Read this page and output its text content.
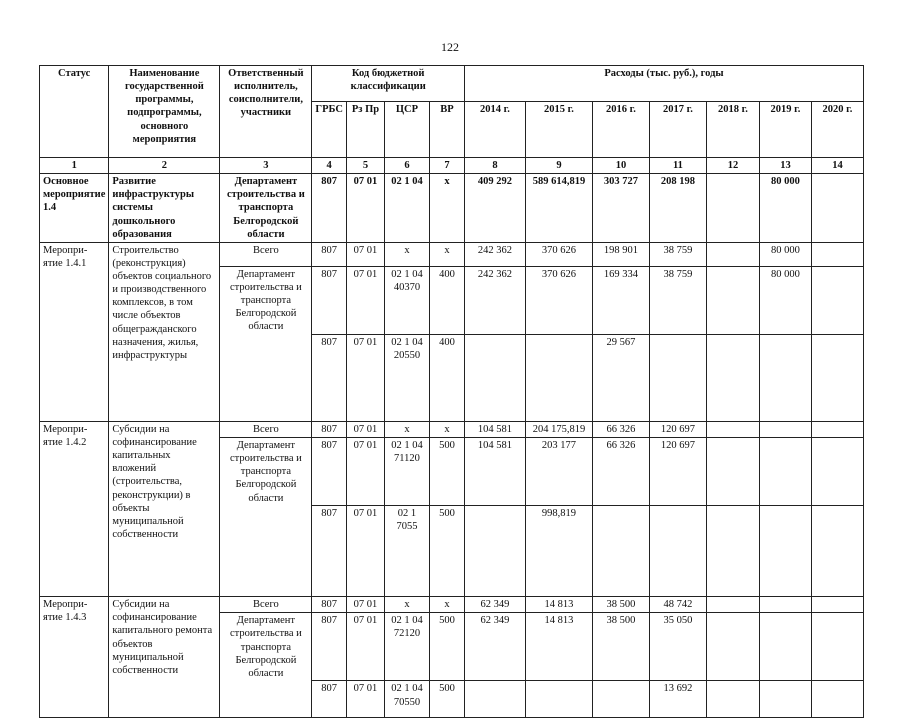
122
Статус	Наименование государственной программы, подпрограммы, основного мероприятия	Ответственный исполнитель, соисполнители, участники	Код бюджетной классификации				Расходы (тыс. руб.), годы						
			ГРБС	Рз Пр	ЦСР	ВР	2014 г.	2015 г.	2016 г.	2017 г.	2018 г.	2019 г.	2020 г.
1	2	3	4	5	6	7	8	9	10	11	12	13	14
Основное мероприятие 1.4	Развитие инфраструктуры системы дошкольного образования	Департамент строительства и транспорта Белгородской области	807	07 01	02 1 04	х	409 292	589 614,819	303 727	208 198		80 000	
Меропри-ятие 1.4.1	Строительство (реконструкция) объектов социального и производственного комплексов, в том числе объектов общегражданского назначения, жилья, инфраструктуры	Всего	807	07 01	х	х	242 362	370 626	198 901	38 759		80 000	
		Департамент строительства и транспорта Белгородской области	807	07 01	02 1 04 40370	400	242 362	370 626	169 334	38 759		80 000	
			807	07 01	02 1 04 20550	400			29 567				
Меропри-ятие 1.4.2	Субсидии на софинансирование капитальных вложений (строительства, реконструкции) в объекты муниципальной собственности	Всего	807	07 01	х	х	104 581	204 175,819	66 326	120 697			
		Департамент строительства и транспорта Белгородской области	807	07 01	02 1 04 71120	500	104 581	203 177	66 326	120 697			
			807	07 01	02 1 7055	500		998,819					
Меропри-ятие 1.4.3	Субсидии на софинансирование капитального ремонта объектов муниципальной собственности	Всего	807	07 01	х	х	62 349	14 813	38 500	48 742			
		Департамент строительства и транспорта Белгородской области	807	07 01	02 1 04 72120	500	62 349	14 813	38 500	35 050			
			807	07 01	02 1 04 70550	500				13 692			
